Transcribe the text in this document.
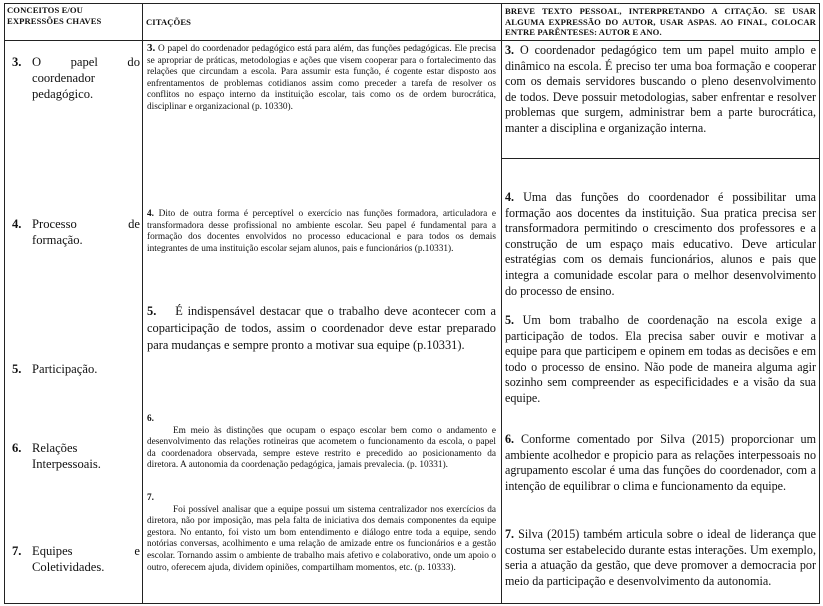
CONCEITOS E/OU EXPRESSÕES CHAVES	CITAÇÕES
BREVE TEXTO PESSOAL, INTERPRETANDO A CITAÇÃO. SE USAR ALGUMA EXPRESSÃO DO AUTOR, USAR ASPAS. AO FINAL, COLOCAR ENTRE PARÊNTESES: AUTOR E ANO.
3. O papel do coordenador pedagógico.
4. Processo de formação.
5. Participação.
6. Relações Interpessoais.
7. Equipes e Coletividades.
3. O papel do coordenador pedagógico está para além, das funções pedagógicas. Ele precisa se apropriar de práticas, metodologias e ações que visem cooperar para o fortalecimento das relações que circundam a escola. Para assumir esta função, é cogente estar disposto aos enfrentamentos de problemas cotidianos assim como preceder a tarefa de resolver os conflitos no espaço interno da instituição escolar, tais como os de ordem burocrática, disciplinar e organizacional (p. 10330).
4. Dito de outra forma é perceptível o exercício nas funções formadora, articuladora e transformadora desse profissional no ambiente escolar. Seu papel é fundamental para a formação dos docentes envolvidos no processo educacional e para todos os demais integrantes de uma instituição escolar sejam alunos, pais e funcionários (p.10331).
5. É indispensável destacar que o trabalho deve acontecer com a coparticipação de todos, assim o coordenador deve estar preparado para mudanças e sempre pronto a motivar sua equipe (p.10331).
6.
Em meio às distinções que ocupam o espaço escolar bem como o andamento e desenvolvimento das relações rotineiras que acometem o funcionamento da escola, o papel da coordenadora observada, sempre esteve restrito e precedido ao posicionamento da diretora. A autonomia da coordenação pedagógica, jamais prevalecia. (p. 10331).
7.
Foi possível analisar que a equipe possui um sistema centralizador nos exercícios da diretora, não por imposição, mas pela falta de iniciativa dos demais componentes da equipe gestora. No entanto, foi visto um bom entendimento e diálogo entre toda a equipe, sendo notórias conversas, acolhimento e uma relação de amizade entre os funcionários e a gestão escolar. Tornando assim o ambiente de trabalho mais afetivo e colaborativo, onde um apoio o outro, oferecem ajuda, dividem opiniões, compartilham momentos, etc. (p. 10333).
3. O coordenador pedagógico tem um papel muito amplo e dinâmico na escola. É preciso ter uma boa formação e cooperar com os demais servidores buscando o pleno desenvolvimento de todos. Deve possuir metodologias, saber enfrentar e resolver problemas que surgem, administrar bem a parte burocrática, manter a disciplina e organização interna.
4. Uma das funções do coordenador é possibilitar uma formação aos docentes da instituição. Sua pratica precisa ser transformadora permitindo o crescimento dos professores e a construção de um espaço mais educativo. Deve articular estratégias com os demais funcionários, alunos e pais que integra a comunidade escolar para o melhor desenvolvimento do processo de ensino.
5. Um bom trabalho de coordenação na escola exige a participação de todos. Ela precisa saber ouvir e motivar a equipe para que participem e opinem em todas as decisões e em todo o processo de ensino. Não pode de maneira alguma agir sozinho sem compreender as especificidades e a visão da sua equipe.
6. Conforme comentado por Silva (2015) proporcionar um ambiente acolhedor e propicio para as relações interpessoais no agrupamento escolar é uma das funções do coordenador, com a intenção de equilibrar o clima e funcionamento da equipe.
7. Silva (2015) também articula sobre o ideal de liderança que costuma ser estabelecido durante estas interações. Um exemplo, seria a atuação da gestão, que deve promover a democracia por meio da participação e desenvolvimento da autonomia.
